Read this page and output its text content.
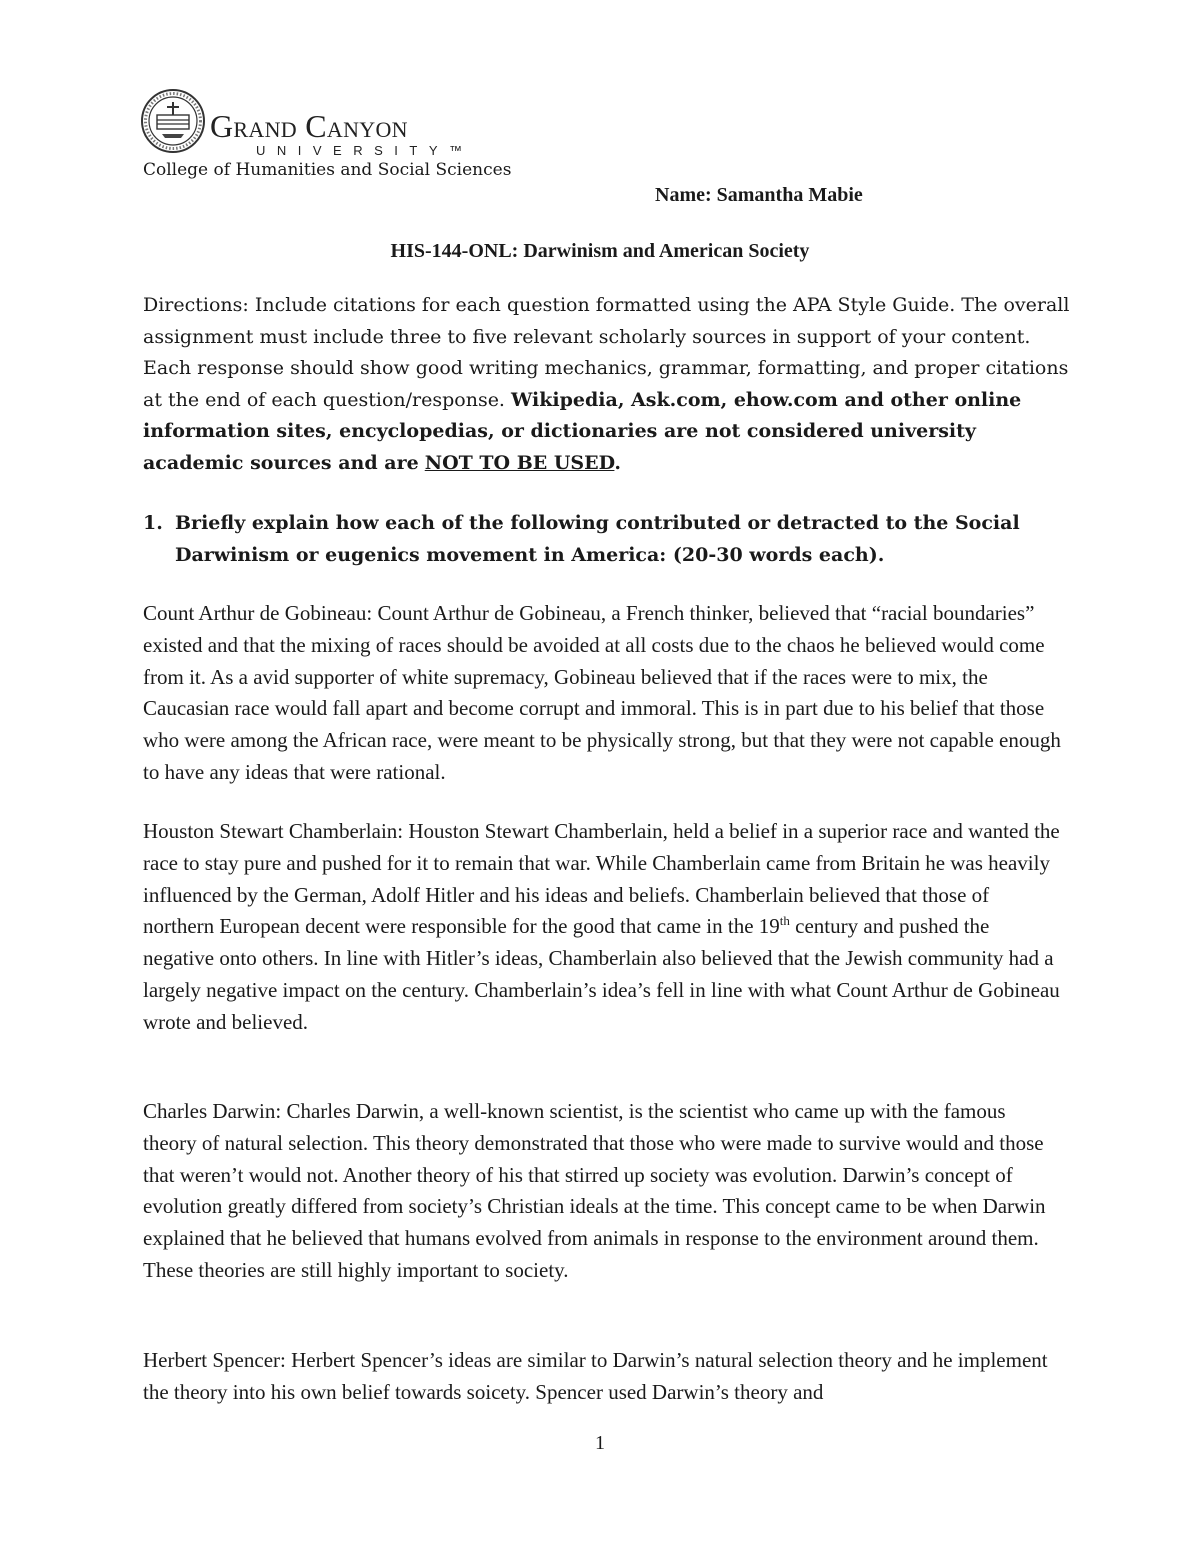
Grand Canyon
UNIVERSITY™
College of Humanities and Social Sciences
Name: Samantha Mabie
HIS-144-ONL: Darwinism and American Society
Directions: Include citations for each question formatted using the APA Style Guide. The overall assignment must include three to five relevant scholarly sources in support of your content. Each response should show good writing mechanics, grammar, formatting, and proper citations at the end of each question/response. Wikipedia, Ask.com, ehow.com and other online information sites, encyclopedias, or dictionaries are not considered university academic sources and are NOT TO BE USED.
1. Briefly explain how each of the following contributed or detracted to the Social Darwinism or eugenics movement in America: (20-30 words each).
Count Arthur de Gobineau: Count Arthur de Gobineau, a French thinker, believed that “racial boundaries” existed and that the mixing of races should be avoided at all costs due to the chaos he believed would come from it. As a avid supporter of white supremacy, Gobineau believed that if the races were to mix, the Caucasian race would fall apart and become corrupt and immoral. This is in part due to his belief that those who were among the African race, were meant to be physically strong, but that they were not capable enough to have any ideas that were rational.
Houston Stewart Chamberlain: Houston Stewart Chamberlain, held a belief in a superior race and wanted the race to stay pure and pushed for it to remain that war. While Chamberlain came from Britain he was heavily influenced by the German, Adolf Hitler and his ideas and beliefs. Chamberlain believed that those of northern European decent were responsible for the good that came in the 19th century and pushed the negative onto others. In line with Hitler’s ideas, Chamberlain also believed that the Jewish community had a largely negative impact on the century. Chamberlain’s idea’s fell in line with what Count Arthur de Gobineau wrote and believed.
Charles Darwin: Charles Darwin, a well-known scientist, is the scientist who came up with the famous theory of natural selection. This theory demonstrated that those who were made to survive would and those that weren’t would not. Another theory of his that stirred up society was evolution. Darwin’s concept of evolution greatly differed from society’s Christian ideals at the time. This concept came to be when Darwin explained that he believed that humans evolved from animals in response to the environment around them. These theories are still highly important to society.
Herbert Spencer: Herbert Spencer’s ideas are similar to Darwin’s natural selection theory and he implement the theory into his own belief towards soicety. Spencer used Darwin’s theory and
1
